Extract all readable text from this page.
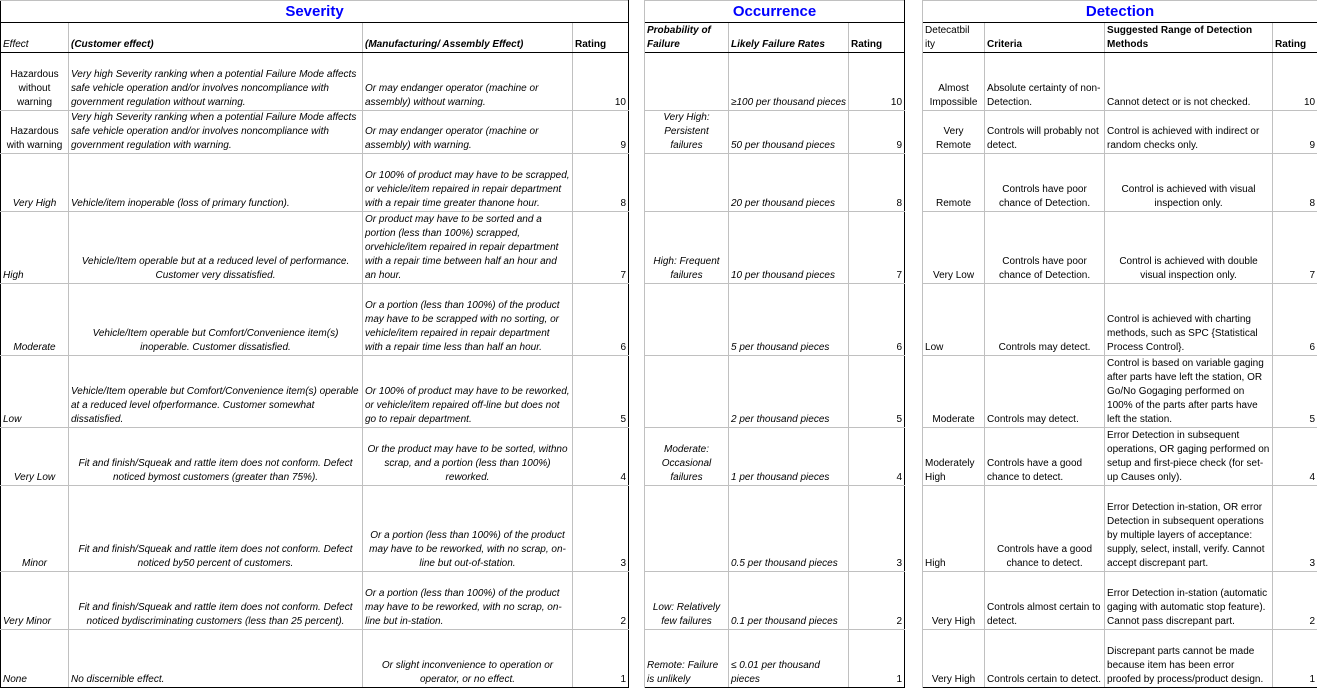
Severity					Occurrence				Detection			
Effect	(Customer effect)	(Manufacturing/ Assembly Effect)	Rating		Probability of Failure	Likely Failure Rates	Rating		Detecatbil ity	Criteria	Suggested Range of Detection Methods	Rating
Hazardous without warning	Very high Severity ranking when a potential Failure Mode affects safe vehicle operation and/or involves noncompliance with government regulation without warning.	Or may endanger operator (machine or assembly) without warning.	10			≥100 per thousand pieces	10		Almost Impossible	Absolute certainty of non-Detection.	Cannot detect or is not checked.	10
Hazardous with warning	Very high Severity ranking when a potential Failure Mode affects safe vehicle operation and/or involves noncompliance with government regulation with warning.	Or may endanger operator (machine or assembly) with warning.	9		Very High: Persistent failures	50 per thousand pieces	9		Very Remote	Controls will probably not detect.	Control is achieved with indirect or random checks only.	9
Very High	Vehicle/item inoperable (loss of primary function).	Or 100% of product may have to be scrapped, or vehicle/item repaired in repair department with a repair time greater thanone hour.	8			20 per thousand pieces	8		Remote	Controls have poor chance of Detection.	Control is achieved with visual inspection only.	8
High	Vehicle/Item operable but at a reduced level of performance. Customer very dissatisfied.	Or product may have to be sorted and a portion (less than 100%) scrapped, orvehicle/item repaired in repair department with a repair time between half an hour and an hour.	7		High: Frequent failures	10 per thousand pieces	7		Very Low	Controls have poor chance of Detection.	Control is achieved with double visual inspection only.	7
Moderate	Vehicle/Item operable but Comfort/Convenience item(s) inoperable. Customer dissatisfied.	Or a portion (less than 100%) of the product may have to be scrapped with no sorting, or vehicle/item repaired in repair department with a repair time less than half an hour.	6			5 per thousand pieces	6		Low	Controls may detect.	Control is achieved with charting methods, such as SPC {Statistical Process Control}.	6
Low	Vehicle/Item operable but Comfort/Convenience item(s) operable at a reduced level ofperformance. Customer somewhat dissatisfied.	Or 100% of product may have to be reworked, or vehicle/item repaired off-line but does not go to repair department.	5			2 per thousand pieces	5		Moderate	Controls may detect.	Control is based on variable gaging after parts have left the station, OR Go/No Gogaging performed on 100% of the parts after parts have left the station.	5
Very Low	Fit and finish/Squeak and rattle item does not conform. Defect noticed bymost customers (greater than 75%).	Or the product may have to be sorted, withno scrap, and a portion (less than 100%) reworked.	4		Moderate: Occasional failures	1 per thousand pieces	4		Moderately High	Controls have a good chance to detect.	Error Detection in subsequent operations, OR gaging performed on setup and first-piece check (for set-up Causes only).	4
Minor	Fit and finish/Squeak and rattle item does not conform. Defect noticed by50 percent of customers.	Or a portion (less than 100%) of the product may have to be reworked, with no scrap, on-line but out-of-station.	3			0.5 per thousand pieces	3		High	Controls have a good chance to detect.	Error Detection in-station, OR error Detection in subsequent operations by multiple layers of acceptance: supply, select, install, verify. Cannot accept discrepant part.	3
Very Minor	Fit and finish/Squeak and rattle item does not conform. Defect noticed bydiscriminating customers (less than 25 percent).	Or a portion (less than 100%) of the product may have to be reworked, with no scrap, on-line but in-station.	2		Low: Relatively few failures	0.1 per thousand pieces	2		Very High	Controls almost certain to detect.	Error Detection in-station (automatic gaging with automatic stop feature). Cannot pass discrepant part.	2
None	No discernible effect.	Or slight inconvenience to operation or operator, or no effect.	1		Remote: Failure is unlikely	≤ 0.01 per thousand pieces	1		Very High	Controls certain to detect.	Discrepant parts cannot be made because item has been error proofed by process/product design.	1
